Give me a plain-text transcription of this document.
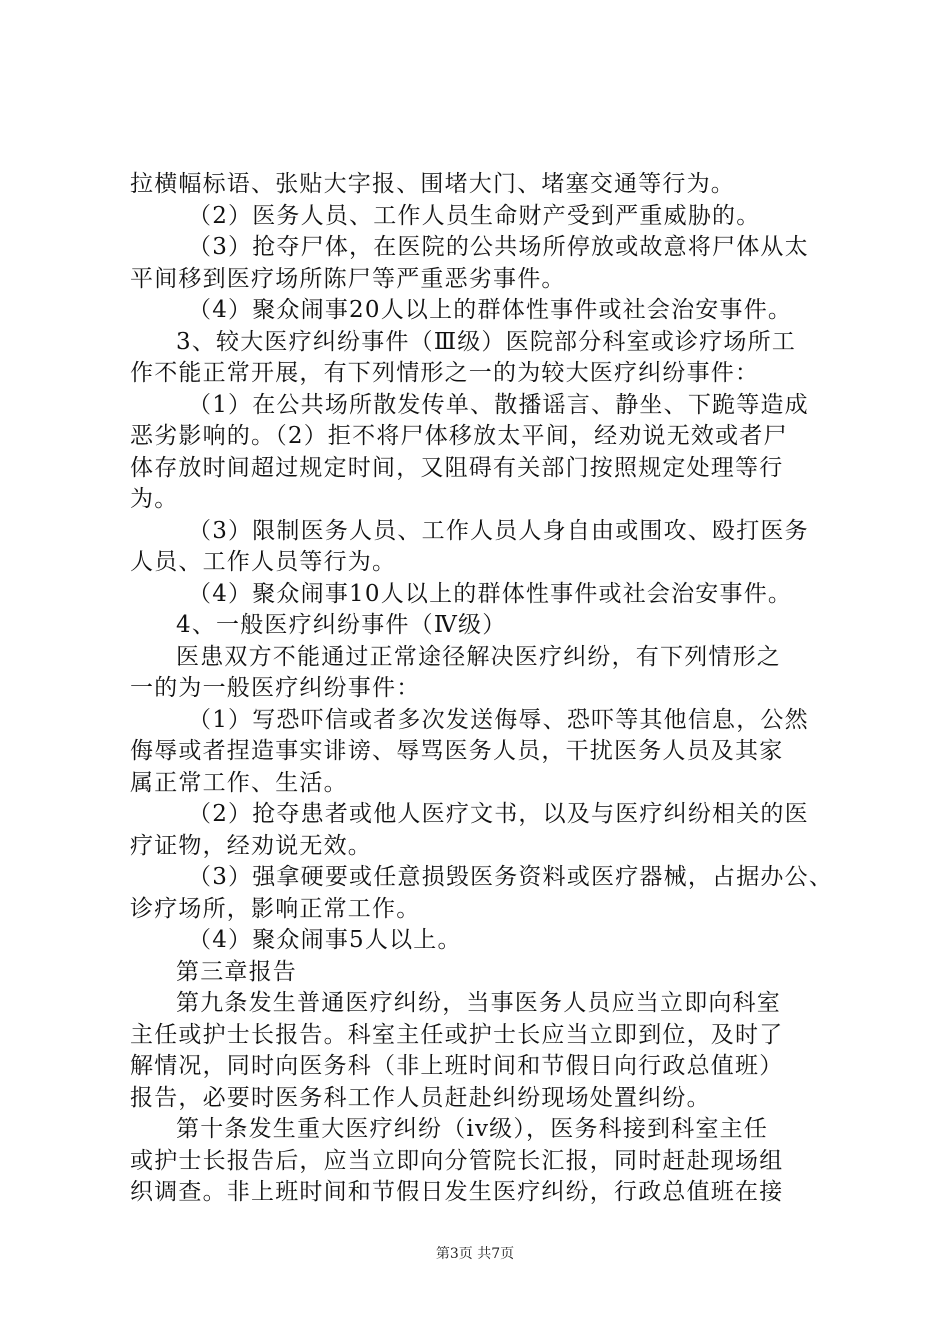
拉横幅标语、张贴大字报、围堵大门、堵塞交通等行为。
（2）医务人员、工作人员生命财产受到严重威胁的。
（3）抢夺尸体，在医院的公共场所停放或故意将尸体从太
平间移到医疗场所陈尸等严重恶劣事件。
（4）聚众闹事20人以上的群体性事件或社会治安事件。
3、较大医疗纠纷事件（Ⅲ级）医院部分科室或诊疗场所工
作不能正常开展，有下列情形之一的为较大医疗纠纷事件：
（1）在公共场所散发传单、散播谣言、静坐、下跪等造成
恶劣影响的。（2）拒不将尸体移放太平间，经劝说无效或者尸
体存放时间超过规定时间，又阻碍有关部门按照规定处理等行
为。
（3）限制医务人员、工作人员人身自由或围攻、殴打医务
人员、工作人员等行为。
（4）聚众闹事10人以上的群体性事件或社会治安事件。
4、一般医疗纠纷事件（Ⅳ级）
医患双方不能通过正常途径解决医疗纠纷，有下列情形之
一的为一般医疗纠纷事件：
（1）写恐吓信或者多次发送侮辱、恐吓等其他信息，公然
侮辱或者捏造事实诽谤、辱骂医务人员，干扰医务人员及其家
属正常工作、生活。
（2）抢夺患者或他人医疗文书，以及与医疗纠纷相关的医
疗证物，经劝说无效。
（3）强拿硬要或任意损毁医务资料或医疗器械，占据办公、
诊疗场所，影响正常工作。
（4）聚众闹事5人以上。
第三章报告
第九条发生普通医疗纠纷，当事医务人员应当立即向科室
主任或护士长报告。科室主任或护士长应当立即到位，及时了
解情况，同时向医务科（非上班时间和节假日向行政总值班）
报告，必要时医务科工作人员赶赴纠纷现场处置纠纷。
第十条发生重大医疗纠纷（iv级），医务科接到科室主任
或护士长报告后，应当立即向分管院长汇报，同时赶赴现场组
织调查。非上班时间和节假日发生医疗纠纷，行政总值班在接
第3页 共7页
